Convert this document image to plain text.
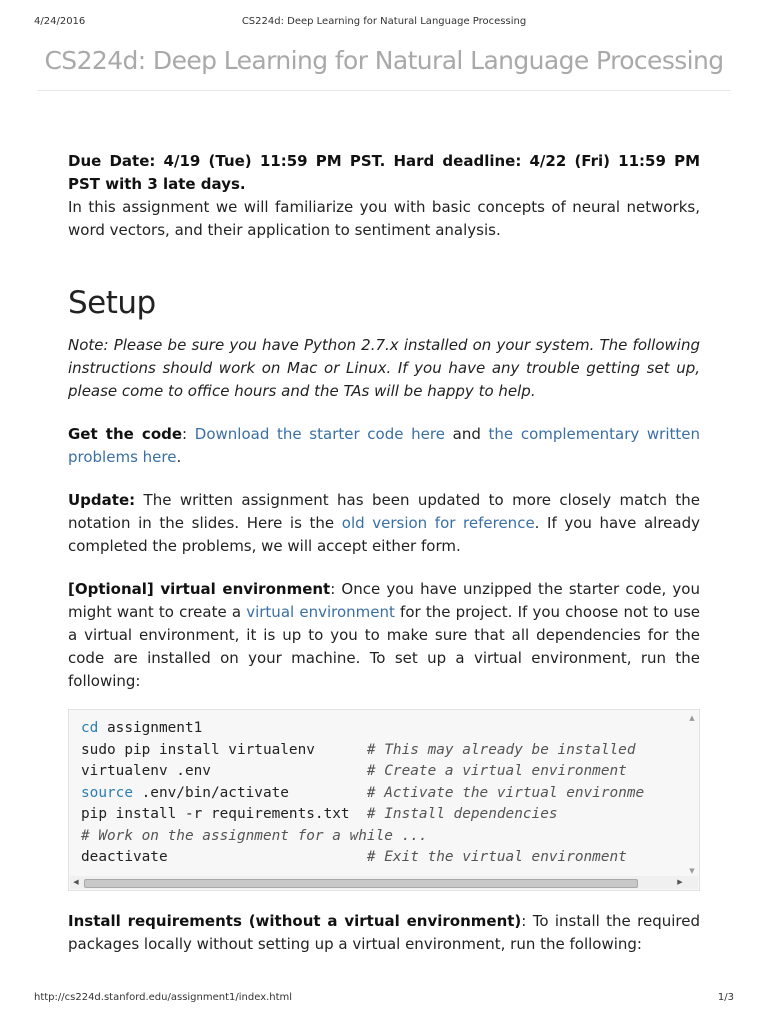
4/24/2016	CS224d: Deep Learning for Natural Language Processing
CS224d: Deep Learning for Natural Language Processing

Due Date: 4/19 (Tue) 11:59 PM PST. Hard deadline: 4/22 (Fri) 11:59 PM PST with 3 late days.

In this assignment we will familiarize you with basic concepts of neural networks, word vectors, and their application to sentiment analysis.

Setup

Note: Please be sure you have Python 2.7.x installed on your system. The following instructions should work on Mac or Linux. If you have any trouble getting set up, please come to office hours and the TAs will be happy to help.

Get the code: Download the starter code here and the complementary written problems here.

Update: The written assignment has been updated to more closely match the notation in the slides. Here is the old version for reference. If you have already completed the problems, we will accept either form.

[Optional] virtual environment: Once you have unzipped the starter code, you might want to create a virtual environment for the project. If you choose not to use a virtual environment, it is up to you to make sure that all dependencies for the code are installed on your machine. To set up a virtual environment, run the following:

cd assignment1
sudo pip install virtualenv      # This may already be installed
virtualenv .env                  # Create a virtual environment
source .env/bin/activate         # Activate the virtual environme
pip install -r requirements.txt  # Install dependencies
# Work on the assignment for a while ...
deactivate                       # Exit the virtual environment
▲
▼
◀	▶

Install requirements (without a virtual environment): To install the required packages locally without setting up a virtual environment, run the following:

http://cs224d.stanford.edu/assignment1/index.html	1/3
